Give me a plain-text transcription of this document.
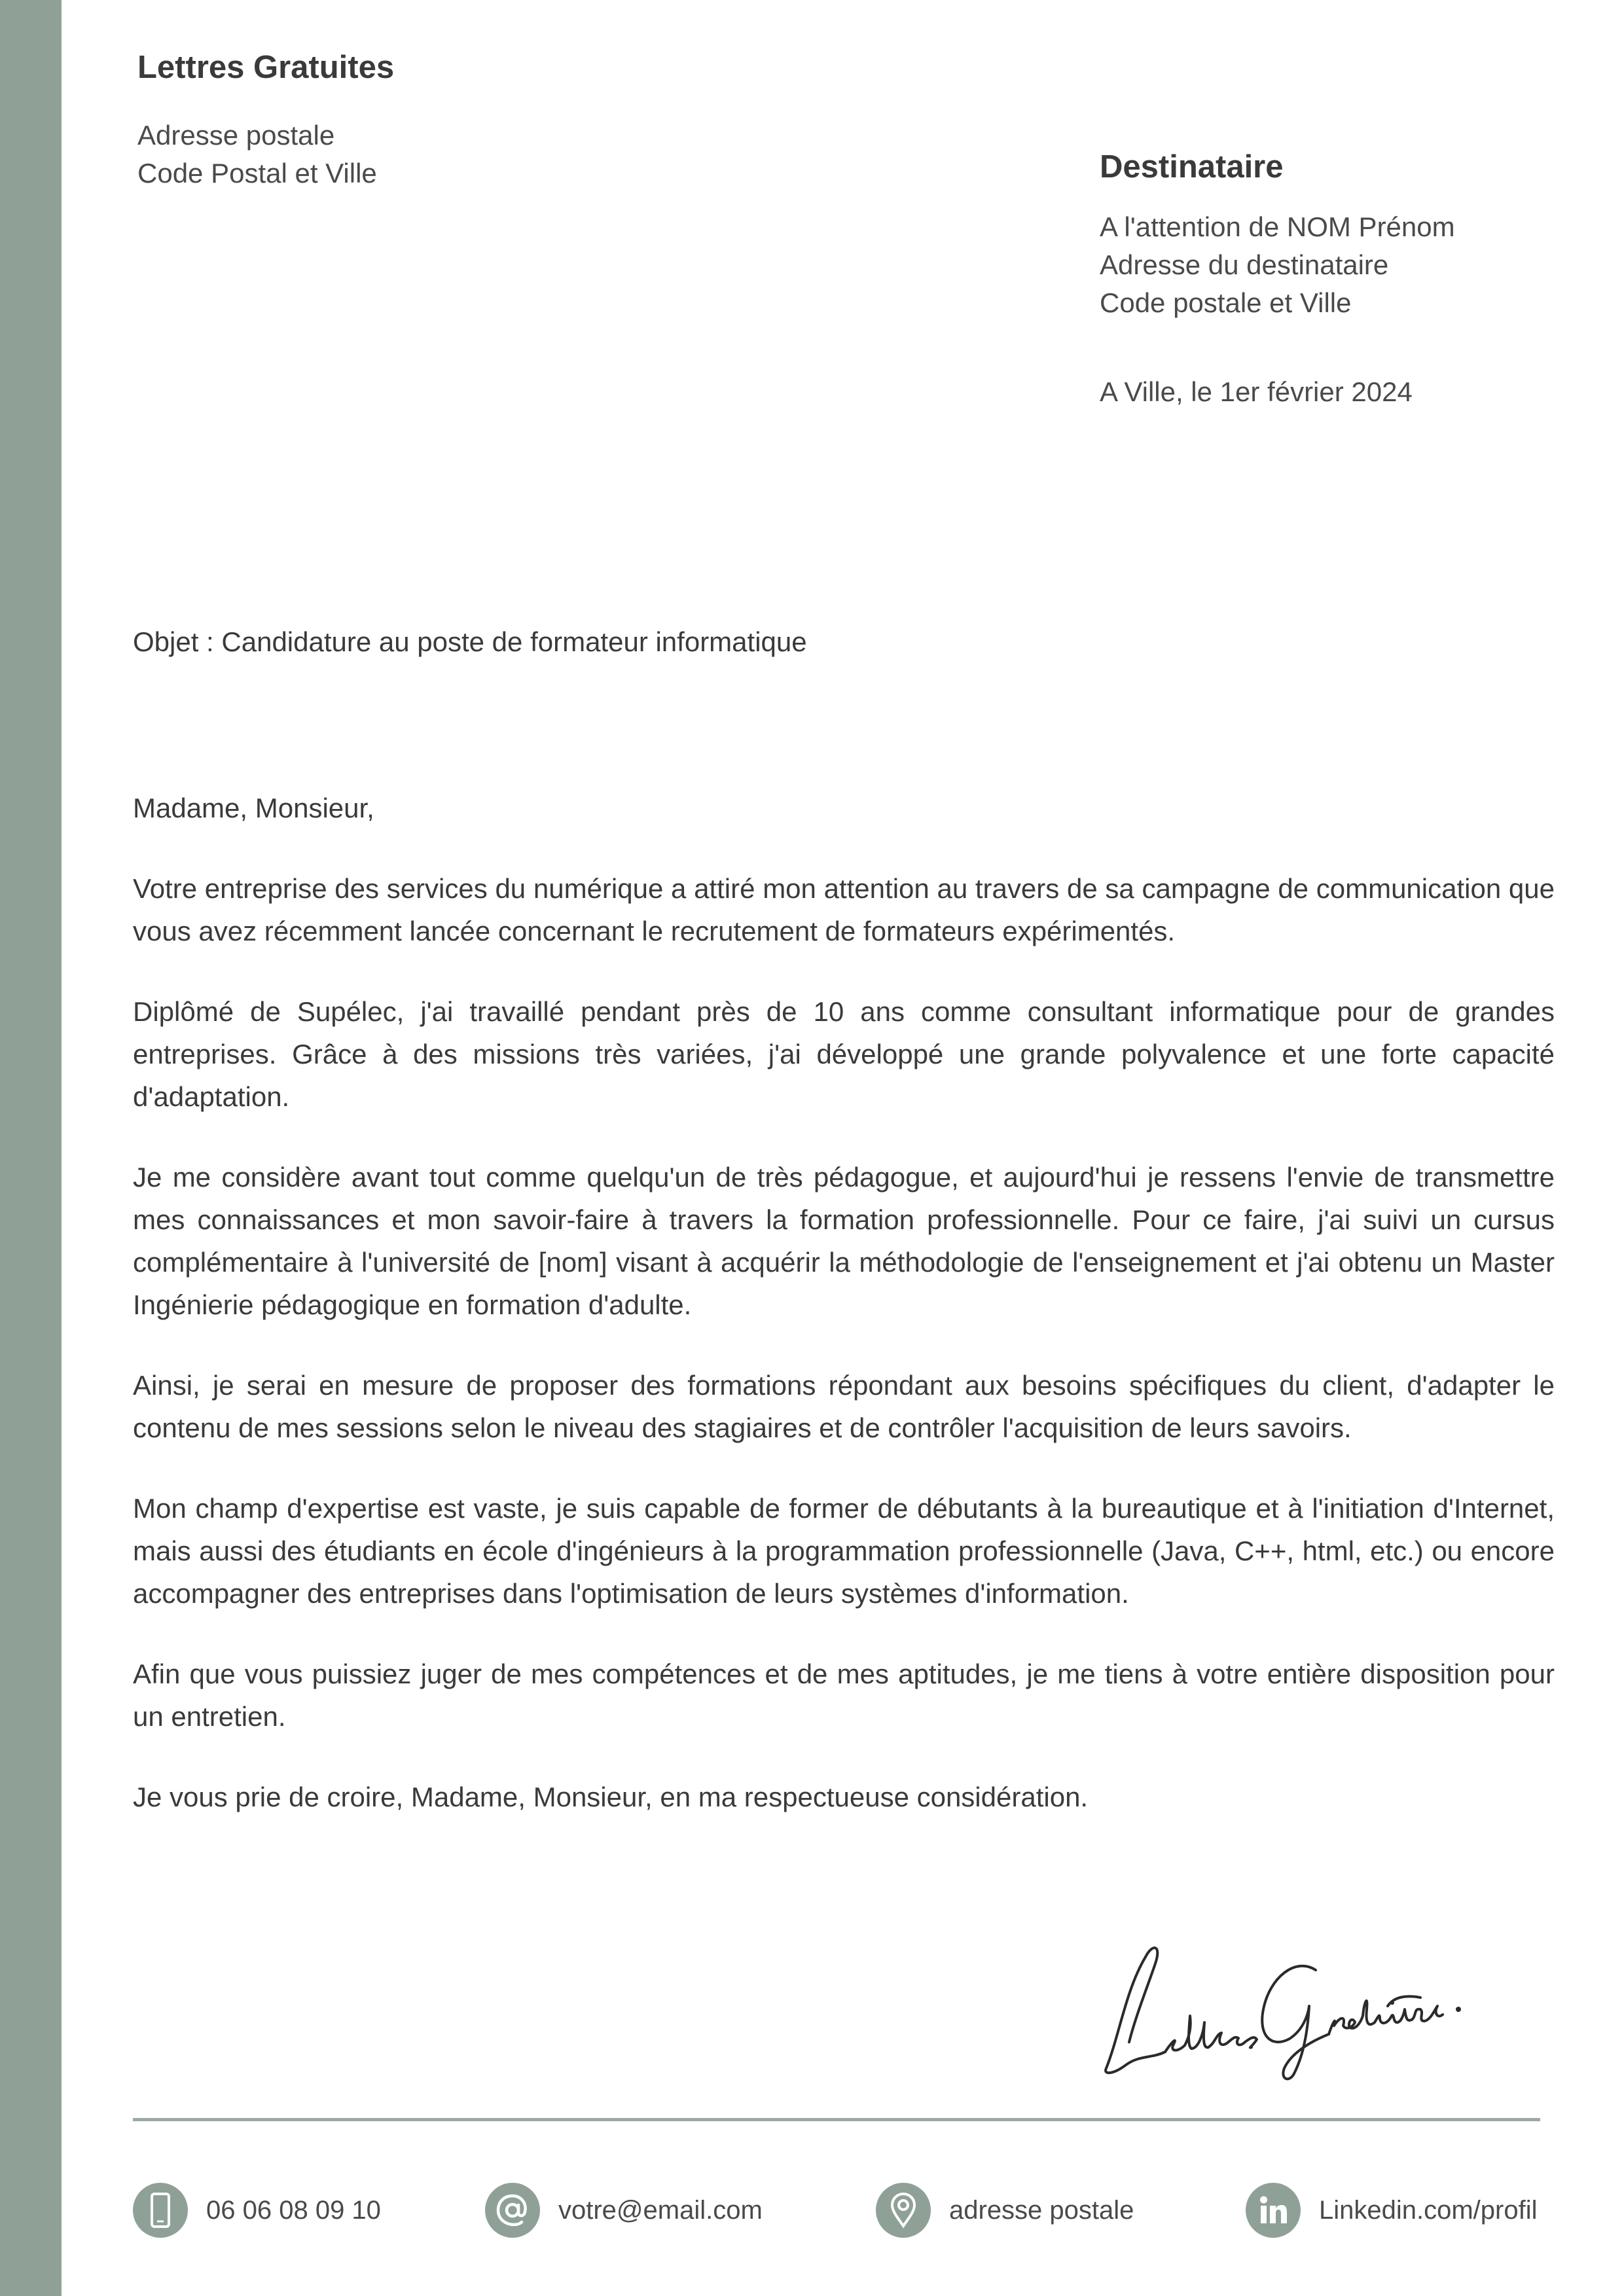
Lettres Gratuites
Adresse postale
Code Postal et Ville	Destinataire
A l'attention de NOM Prénom
Adresse du destinataire
Code postale et Ville
A Ville, le 1er février 2024
Objet : Candidature au poste de formateur informatique

Madame, Monsieur,

Votre entreprise des services du numérique a attiré mon attention au travers de sa campagne de communication que vous avez récemment lancée concernant le recrutement de formateurs expérimentés.

Diplômé de Supélec, j'ai travaillé pendant près de 10 ans comme consultant informatique pour de grandes entreprises. Grâce à des missions très variées, j'ai développé une grande polyvalence et une forte capacité d'adaptation.

Je me considère avant tout comme quelqu'un de très pédagogue, et aujourd'hui je ressens l'envie de transmettre mes connaissances et mon savoir-faire à travers la formation professionnelle. Pour ce faire, j'ai suivi un cursus complémentaire à l'université de [nom] visant à acquérir la méthodologie de l'enseignement et j'ai obtenu un Master Ingénierie pédagogique en formation d'adulte.

Ainsi, je serai en mesure de proposer des formations répondant aux besoins spécifiques du client, d'adapter le contenu de mes sessions selon le niveau des stagiaires et de contrôler l'acquisition de leurs savoirs.

Mon champ d'expertise est vaste, je suis capable de former de débutants à la bureautique et à l'initiation d'Internet, mais aussi des étudiants en école d'ingénieurs à la programmation professionnelle (Java, C++, html, etc.) ou encore accompagner des entreprises dans l'optimisation de leurs systèmes d'information.

Afin que vous puissiez juger de mes compétences et de mes aptitudes, je me tiens à votre entière disposition pour un entretien.

Je vous prie de croire, Madame, Monsieur, en ma respectueuse considération.

06 06 08 09 10	votre@email.com	adresse postale	Linkedin.com/profil
